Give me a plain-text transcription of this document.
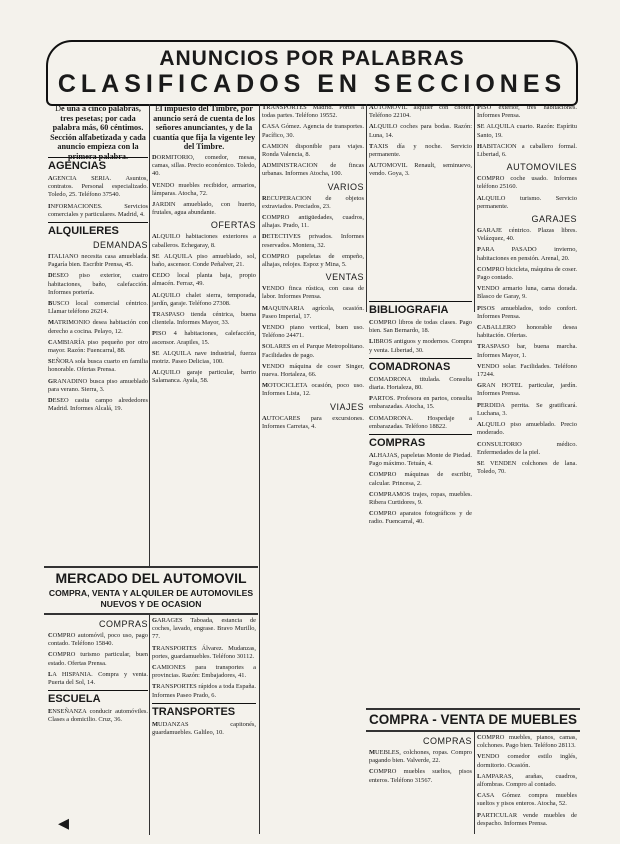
ANUNCIOS POR PALABRAS
CLASIFICADOS EN SECCIONES

De una a cinco palabras, tres pesetas; por cada palabra más, 60 céntimos. Sección alfabetizada y cada anuncio empieza con la primera palabra.

El impuesto del Timbre, por anuncio será de cuenta de los señores anunciantes, y de la cuantía que fija la vigente ley del Timbre.

AGENCIAS

AGENCIA SERIA. Asuntos, contratos. Personal especializado. Toledo, 25. Teléfono 37540.

INFORMACIONES. Servicios comerciales y particulares. Madrid, 4.

ALQUILERES
DEMANDAS

ITALIANO necesita casa amueblada. Pagaría bien. Escribir Prensa, 45.

DESEO piso exterior, cuatro habitaciones, baño, calefacción. Informes portería.

BUSCO local comercial céntrico. Llamar teléfono 26214.

MATRIMONIO desea habitación con derecho a cocina. Pelayo, 12.

CAMBIARÍA piso pequeño por otro mayor. Razón: Fuencarral, 88.

SEÑORA sola busca cuarto en familia honorable. Ofertas Prensa.

GRANADINO busca piso amueblado para verano. Sierra, 3.

DESEO casita campo alrededores Madrid. Informes Alcalá, 19.

DORMITORIO, comedor, mesas, camas, sillas. Precio económico. Toledo, 40.

VENDO muebles recibidor, armarios, lámparas. Atocha, 72.

JARDIN amueblado, con huerto, frutales, agua abundante.

OFERTAS

ALQUILO habitaciones exteriores a caballeros. Echegaray, 8.

SE ALQUILA piso amueblado, sol, baño, ascensor. Conde Peñalver, 21.

CEDO local planta baja, propio almacén. Ferraz, 49.

ALQUILO chalet sierra, temporada, jardín, garaje. Teléfono 27308.

TRASPASO tienda céntrica, buena clientela. Informes Mayor, 33.

PISO 4 habitaciones, calefacción, ascensor. Arapiles, 15.

SE ALQUILA nave industrial, fuerza motriz. Paseo Delicias, 100.

ALQUILO garaje particular, barrio Salamanca. Ayala, 58.

MERCADO DEL AUTOMOVIL
COMPRA, VENTA Y ALQUILER DE AUTOMOVILES NUEVOS Y DE OCASION
COMPRAS

COMPRO automóvil, poco uso, pago contado. Teléfono 15840.

COMPRO turismo particular, buen estado. Ofertas Prensa.

LA HISPANIA. Compra y venta. Puerta del Sol, 14.

ESCUELA

ENSEÑANZA conducir automóviles. Clases a domicilio. Cruz, 36.

GARAGES Taboada, estancia de coches, lavado, engrase. Bravo Murillo, 77.

TRANSPORTES Álvarez. Mudanzas, portes, guardamuebles. Teléfono 30112.

CAMIONES para transportes a provincias. Razón: Embajadores, 41.

TRANSPORTES rápidos a toda España. Informes Paseo Prado, 6.

TRANSPORTES

MUDANZAS capitonés, guardamuebles. Galileo, 10.

TRANSPORTES Madrid. Portes a todas partes. Teléfono 19552.

CASA Gómez. Agencia de transportes. Pacífico, 30.

CAMION disponible para viajes. Ronda Valencia, 8.

ADMINISTRACION de fincas urbanas. Informes Atocha, 100.

VARIOS

RECUPERACION de objetos extraviados. Preciados, 23.

COMPRO antigüedades, cuadros, alhajas. Prado, 11.

DETECTIVES privados. Informes reservados. Montera, 32.

COMPRO papeletas de empeño, alhajas, relojes. Espoz y Mina, 5.

VENTAS

VENDO finca rústica, con casa de labor. Informes Prensa.

MAQUINARIA agrícola, ocasión. Paseo Imperial, 17.

VENDO piano vertical, buen uso. Teléfono 24471.

SOLARES en el Parque Metropolitano. Facilidades de pago.

VENDO máquina de coser Singer, nueva. Hortaleza, 66.

MOTOCICLETA ocasión, poco uso. Informes Lista, 12.

VIAJES

AUTOCARES para excursiones. Informes Carretas, 4.

AUTOMOVIL alquiler con chófer. Teléfono 22104.

ALQUILO coches para bodas. Razón: Luna, 14.

TAXIS día y noche. Servicio permanente.

AUTOMOVIL Renault, seminuevo, vendo. Goya, 3.

BIBLIOGRAFIA

COMPRO libros de todas clases. Pago bien. San Bernardo, 18.

LIBROS antiguos y modernos. Compra y venta. Libertad, 30.

COMADRONAS

COMADRONA titulada. Consulta diaria. Hortaleza, 80.

PARTOS. Profesora en partos, consulta embarazadas. Atocha, 15.

COMADRONA. Hospedaje a embarazadas. Teléfono 18822.

COMPRAS

ALHAJAS, papeletas Monte de Piedad. Pago máximo. Tetuán, 4.

COMPRO máquinas de escribir, calcular. Princesa, 2.

COMPRAMOS trajes, ropas, muebles. Ribera Curtidores, 9.

COMPRO aparatos fotográficos y de radio. Fuencarral, 40.

PISO exterior, tres habitaciones. Informes Prensa.

SE ALQUILA cuarto. Razón: Espíritu Santo, 19.

HABITACION a caballero formal. Libertad, 6.

AUTOMOVILES

COMPRO coche usado. Informes teléfono 25160.

ALQUILO turismo. Servicio permanente.

GARAJES

GARAJE céntrico. Plazas libres. Velázquez, 40.

PARA PASADO invierno, habitaciones en pensión. Arenal, 20.

COMPRO bicicleta, máquina de coser. Pago contado.

VENDO armario luna, cama dorada. Blasco de Garay, 9.

PISOS amueblados, todo confort. Informes Prensa.

CABALLERO honorable desea habitación. Ofertas.

TRASPASO bar, buena marcha. Informes Mayor, 1.

VENDO solar. Facilidades. Teléfono 17244.

GRAN HOTEL particular, jardín. Informes Prensa.

PERDIDA perrita. Se gratificará. Luchana, 3.

ALQUILO piso amueblado. Precio moderado.

CONSULTORIO médico. Enfermedades de la piel.

SE VENDEN colchones de lana. Toledo, 70.

COMPRA - VENTA DE MUEBLES
COMPRAS

MUEBLES, colchones, ropas. Compro pagando bien. Valverde, 22.

COMPRO muebles sueltos, pisos enteros. Teléfono 31567.

COMPRO muebles, pianos, camas, colchones. Pago bien. Teléfono 28113.

VENDO comedor estilo inglés, dormitorio. Ocasión.

LAMPARAS, arañas, cuadros, alfombras. Compro al contado.

CASA Gómez compra muebles sueltos y pisos enteros. Atocha, 52.

PARTICULAR vende muebles de despacho. Informes Prensa.

◂
